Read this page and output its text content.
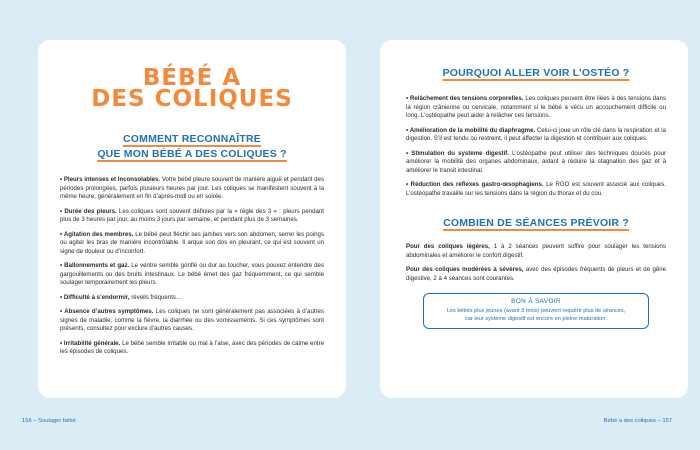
BÉBÉ A
DES COLIQUES
COMMENT RECONNAÎTRE
QUE MON BÉBÉ A DES COLIQUES ?

• Pleurs intenses et inconsolables. Votre bébé pleure souvent de manière aiguë et pendant des périodes prolongées, parfois plusieurs heures par jour. Les coliques se manifestent souvent à la même heure, généralement en fin d’après-midi ou en soirée.

• Durée des pleurs. Les coliques sont souvent définies par la « règle des 3 » : pleurs pendant plus de 3 heures par jour, au moins 3 jours par semaine, et pendant plus de 3 semaines.

• Agitation des membres. Le bébé peut fléchir ses jambes vers son abdomen, serrer les poings ou agiter les bras de manière incontrôlable. Il arque son dos en pleurant, ce qui est souvent un signe de douleur ou d’inconfort.

• Ballonnements et gaz. Le ventre semble gonflé ou dur au toucher, vous pouvez entendre des gargouillements ou des bruits intestinaux. Le bébé émet des gaz fréquemment, ce qui semble soulager temporairement les pleurs.

• Difficulté à s’endormir, réveils fréquents…

• Absence d’autres symptômes. Les coliques ne sont généralement pas associées à d’autres signes de maladie, comme la fièvre, la diarrhée ou des vomissements. Si ces symptômes sont présents, consultez pour exclure d’autres causes.

• Irritabilité générale. Le bébé semble irritable ou mal à l’aise, avec des périodes de calme entre les épisodes de coliques.

POURQUOI ALLER VOIR L’OSTÉO ?

• Relâchement des tensions corporelles. Les coliques peuvent être liées à des tensions dans la région crânienne ou cervicale, notamment si le bébé a vécu un accouchement difficile ou long. L’ostéopathe peut aider à relâcher ces tensions.

• Amélioration de la mobilité du diaphragme. Celui-ci joue un rôle clé dans la respiration et la digestion. S’il est tendu ou restreint, il peut affecter la digestion et contribuer aux coliques.

• Stimulation du système digestif. L’ostéopathe peut utiliser des techniques douces pour améliorer la mobilité des organes abdominaux, aidant à réduire la stagnation des gaz et à améliorer le transit intestinal.

• Réduction des réflexes gastro-œsophagiens. Le RGO est souvent associé aux coliques. L’ostéopathe travaille sur les tensions dans la région du thorax et du cou.

COMBIEN DE SÉANCES PRÉVOIR ?

Pour des coliques légères, 1 à 2 séances peuvent suffire pour soulager les tensions abdominales et améliorer le confort digestif.

Pour des coliques modérées à sévères, avec des épisodes fréquents de pleurs et de gêne digestive, 2 à 4 séances sont courantes.

BON À SAVOIR
Les bébés plus jeunes (avant 3 mois) peuvent requérir plus de séances,
car leur système digestif est encore en pleine maturation.
156 – Soulager bébé	Bébé a des coliques – 157
